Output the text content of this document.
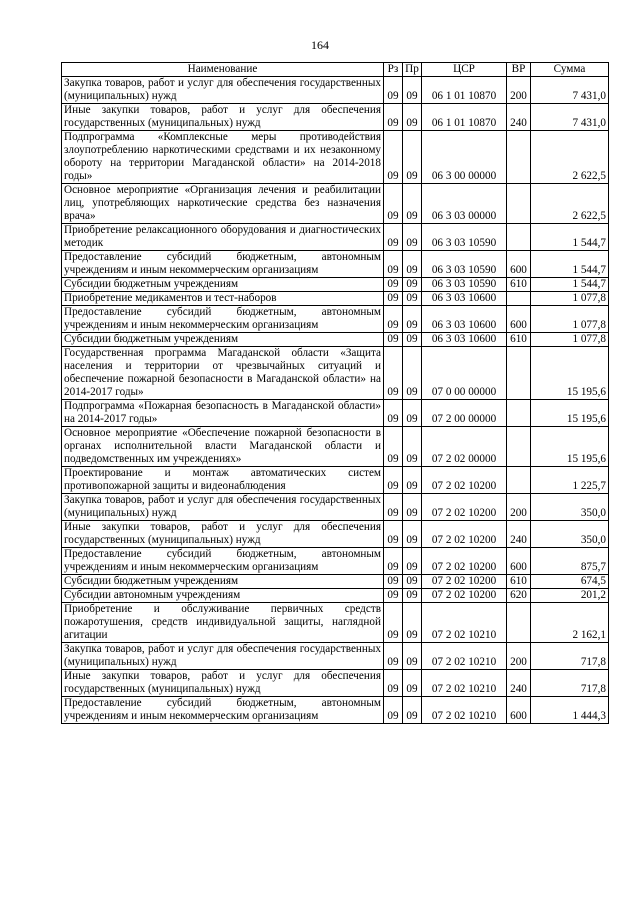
164
Наименование	Рз	Пр	ЦСР	ВР	Сумма
Закупка товаров, работ и услуг для обеспечения государственных (муниципальных) нужд	09	09	06 1 01 10870	200	7 431,0
Иные закупки товаров, работ и услуг для обеспечения государственных (муниципальных) нужд	09	09	06 1 01 10870	240	7 431,0
Подпрограмма «Комплексные меры противодействия злоупотреблению наркотическими средствами и их незаконному обороту на территории Магаданской области» на 2014-2018 годы»	09	09	06 3 00 00000		2 622,5
Основное мероприятие «Организация лечения и реабилитации лиц, употребляющих наркотические средства без назначения врача»	09	09	06 3 03 00000		2 622,5
Приобретение релаксационного оборудования и диагностических методик	09	09	06 3 03 10590		1 544,7
Предоставление субсидий бюджетным, автономным учреждениям и иным некоммерческим организациям	09	09	06 3 03 10590	600	1 544,7
Субсидии бюджетным учреждениям	09	09	06 3 03 10590	610	1 544,7
Приобретение медикаментов и тест-наборов	09	09	06 3 03 10600		1 077,8
Предоставление субсидий бюджетным, автономным учреждениям и иным некоммерческим организациям	09	09	06 3 03 10600	600	1 077,8
Субсидии бюджетным учреждениям	09	09	06 3 03 10600	610	1 077,8
Государственная программа Магаданской области «Защита населения и территории от чрезвычайных ситуаций и обеспечение пожарной безопасности в Магаданской области» на 2014-2017 годы»	09	09	07 0 00 00000		15 195,6
Подпрограмма «Пожарная безопасность в Магаданской области» на 2014-2017 годы»	09	09	07 2 00 00000		15 195,6
Основное мероприятие «Обеспечение пожарной безопасности в органах исполнительной власти Магаданской области и подведомственных им учреждениях»	09	09	07 2 02 00000		15 195,6
Проектирование и монтаж автоматических систем противопожарной защиты и видеонаблюдения	09	09	07 2 02 10200		1 225,7
Закупка товаров, работ и услуг для обеспечения государственных (муниципальных) нужд	09	09	07 2 02 10200	200	350,0
Иные закупки товаров, работ и услуг для обеспечения государственных (муниципальных) нужд	09	09	07 2 02 10200	240	350,0
Предоставление субсидий бюджетным, автономным учреждениям и иным некоммерческим организациям	09	09	07 2 02 10200	600	875,7
Субсидии бюджетным учреждениям	09	09	07 2 02 10200	610	674,5
Субсидии автономным учреждениям	09	09	07 2 02 10200	620	201,2
Приобретение и обслуживание первичных средств пожаротушения, средств индивидуальной защиты, наглядной агитации	09	09	07 2 02 10210		2 162,1
Закупка товаров, работ и услуг для обеспечения государственных (муниципальных) нужд	09	09	07 2 02 10210	200	717,8
Иные закупки товаров, работ и услуг для обеспечения государственных (муниципальных) нужд	09	09	07 2 02 10210	240	717,8
Предоставление субсидий бюджетным, автономным учреждениям и иным некоммерческим организациям	09	09	07 2 02 10210	600	1 444,3
